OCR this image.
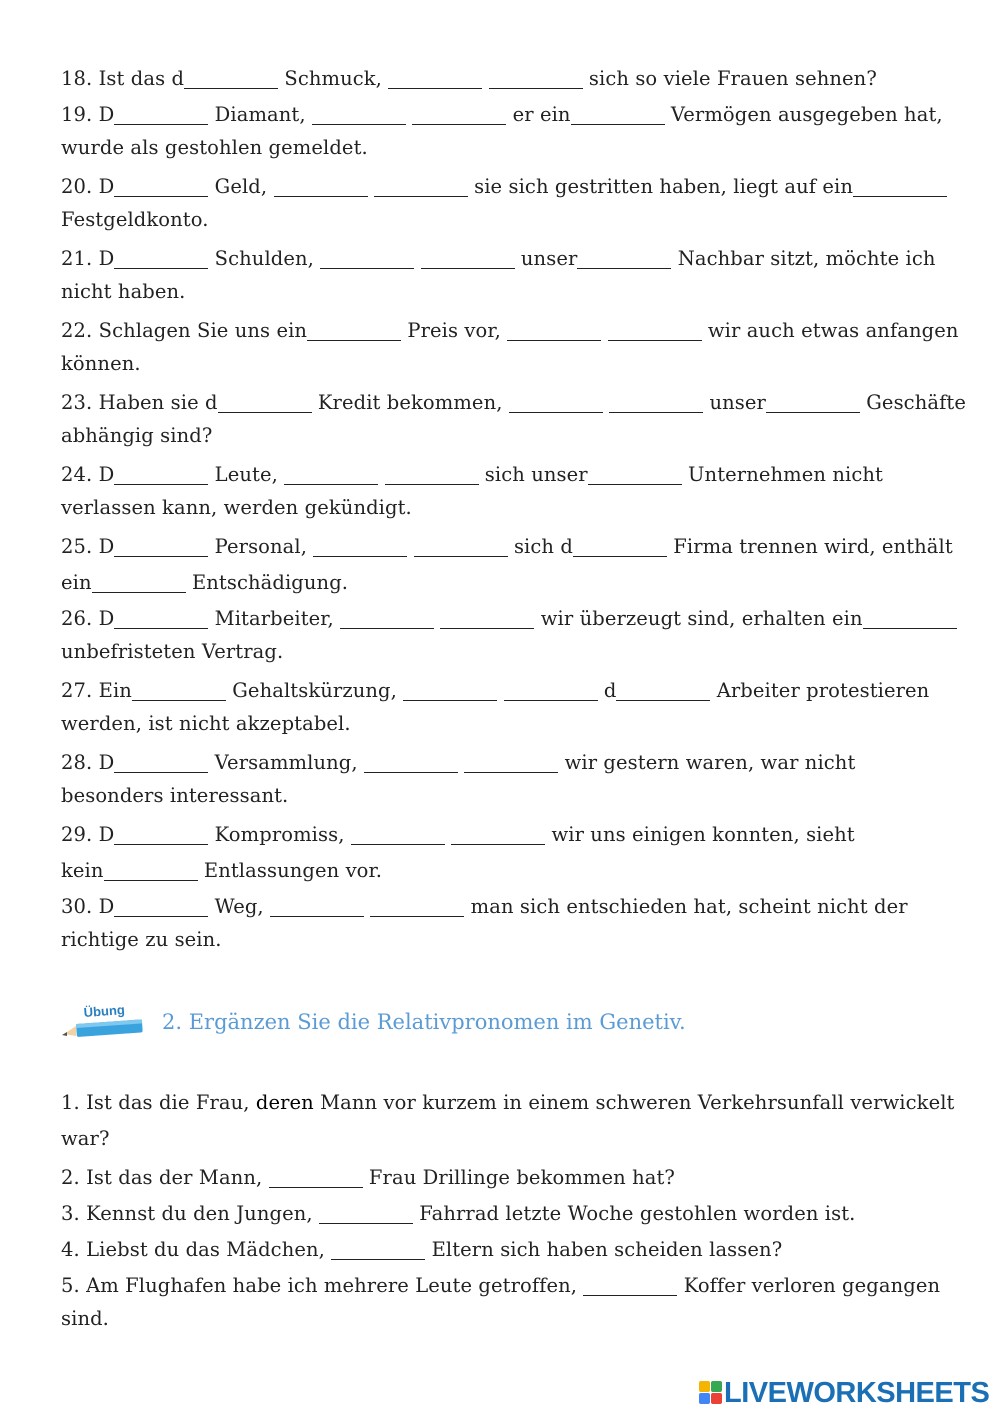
18. Ist das d	Schmuck,	sich so viele Frauen sehnen?
19. D	Diamant,	er ein	Vermögen ausgegeben hat,
wurde als gestohlen gemeldet.
20. D	Geld,	sie sich gestritten haben, liegt auf ein
Festgeldkonto.
21. D	Schulden,	unser	Nachbar sitzt, möchte ich
nicht haben.
22. Schlagen Sie uns ein	Preis vor,	wir auch etwas anfangen
können.
23. Haben sie d	Kredit bekommen,	unser	Geschäfte
abhängig sind?
24. D	Leute,	sich unser	Unternehmen nicht
verlassen kann, werden gekündigt.
25. D	Personal,	sich d	Firma trennen wird, enthält
ein	Entschädigung.
26. D	Mitarbeiter,	wir überzeugt sind, erhalten ein
unbefristeten Vertrag.
27. Ein	Gehaltskürzung,	d	Arbeiter protestieren
werden, ist nicht akzeptabel.
28. D	Versammlung,	wir gestern waren, war nicht
besonders interessant.
29. D	Kompromiss,	wir uns einigen konnten, sieht
kein	Entlassungen vor.
30. D	Weg,	man sich entschieden hat, scheint nicht der
richtige zu sein.
Übung 2. Ergänzen Sie die Relativpronomen im Genetiv.
1. Ist das die Frau, deren Mann vor kurzem in einem schweren Verkehrsunfall verwickelt
war?
2. Ist das der Mann,	Frau Drillinge bekommen hat?
3. Kennst du den Jungen,	Fahrrad letzte Woche gestohlen worden ist.
4. Liebst du das Mädchen,	Eltern sich haben scheiden lassen?
5. Am Flughafen habe ich mehrere Leute getroffen,	Koffer verloren gegangen
sind.
LIVEWORKSHEETS
